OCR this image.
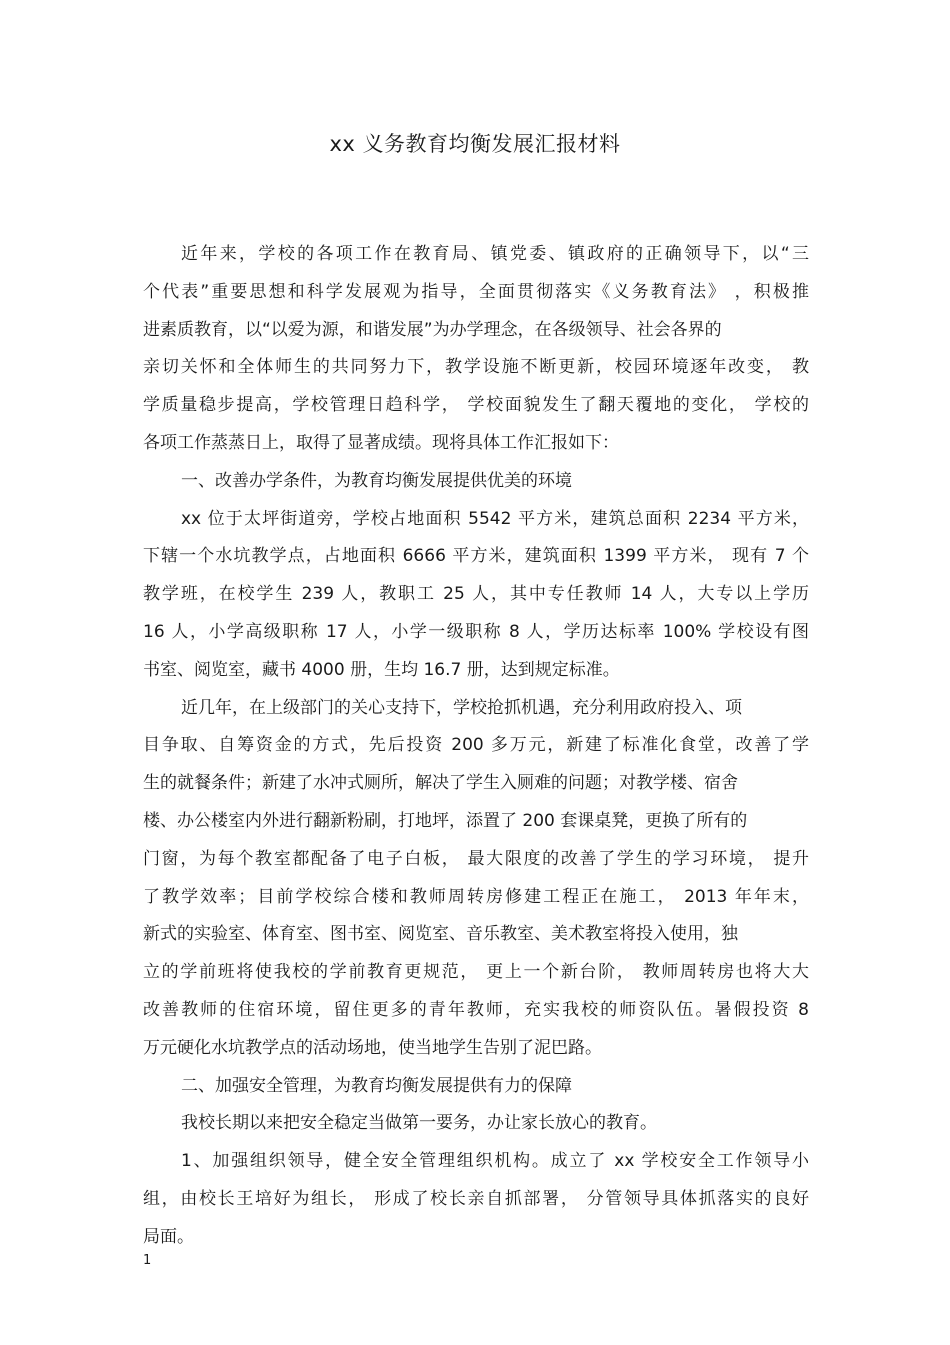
xx 义务教育均衡发展汇报材料
近年来，学校的各项工作在教育局、镇党委、镇政府的正确领导下，以“三
个代表”重要思想和科学发展观为指导，全面贯彻落实《义务教育法》 ，积极推
进素质教育，以“以爱为源，和谐发展”为办学理念，在各级领导、社会各界的
亲切关怀和全体师生的共同努力下，教学设施不断更新，校园环境逐年改变， 教
学质量稳步提高，学校管理日趋科学， 学校面貌发生了翻天覆地的变化， 学校的
各项工作蒸蒸日上，取得了显著成绩。现将具体工作汇报如下：
一、改善办学条件，为教育均衡发展提供优美的环境
xx 位于太坪街道旁，学校占地面积 5542 平方米，建筑总面积 2234 平方米，
下辖一个水坑教学点，占地面积 6666 平方米，建筑面积 1399 平方米， 现有 7 个
教学班，在校学生 239 人，教职工 25 人，其中专任教师 14 人，大专以上学历
16 人，小学高级职称 17 人，小学一级职称 8 人，学历达标率 100% 学校设有图
书室、阅览室，藏书 4000 册，生均 16.7 册，达到规定标准。
近几年，在上级部门的关心支持下，学校抢抓机遇，充分利用政府投入、项
目争取、自筹资金的方式，先后投资 200 多万元，新建了标准化食堂，改善了学
生的就餐条件；新建了水冲式厕所，解决了学生入厕难的问题；对教学楼、宿舍
楼、办公楼室内外进行翻新粉刷，打地坪，添置了 200 套课桌凳，更换了所有的
门窗，为每个教室都配备了电子白板， 最大限度的改善了学生的学习环境， 提升
了教学效率；目前学校综合楼和教师周转房修建工程正在施工， 2013 年年末，
新式的实验室、体育室、图书室、阅览室、音乐教室、美术教室将投入使用，独
立的学前班将使我校的学前教育更规范， 更上一个新台阶， 教师周转房也将大大
改善教师的住宿环境，留住更多的青年教师，充实我校的师资队伍。暑假投资 8
万元硬化水坑教学点的活动场地，使当地学生告别了泥巴路。
二、加强安全管理，为教育均衡发展提供有力的保障
我校长期以来把安全稳定当做第一要务，办让家长放心的教育。
1、加强组织领导，健全安全管理组织机构。成立了 xx 学校安全工作领导小
组，由校长王培好为组长， 形成了校长亲自抓部署， 分管领导具体抓落实的良好
局面。
1
